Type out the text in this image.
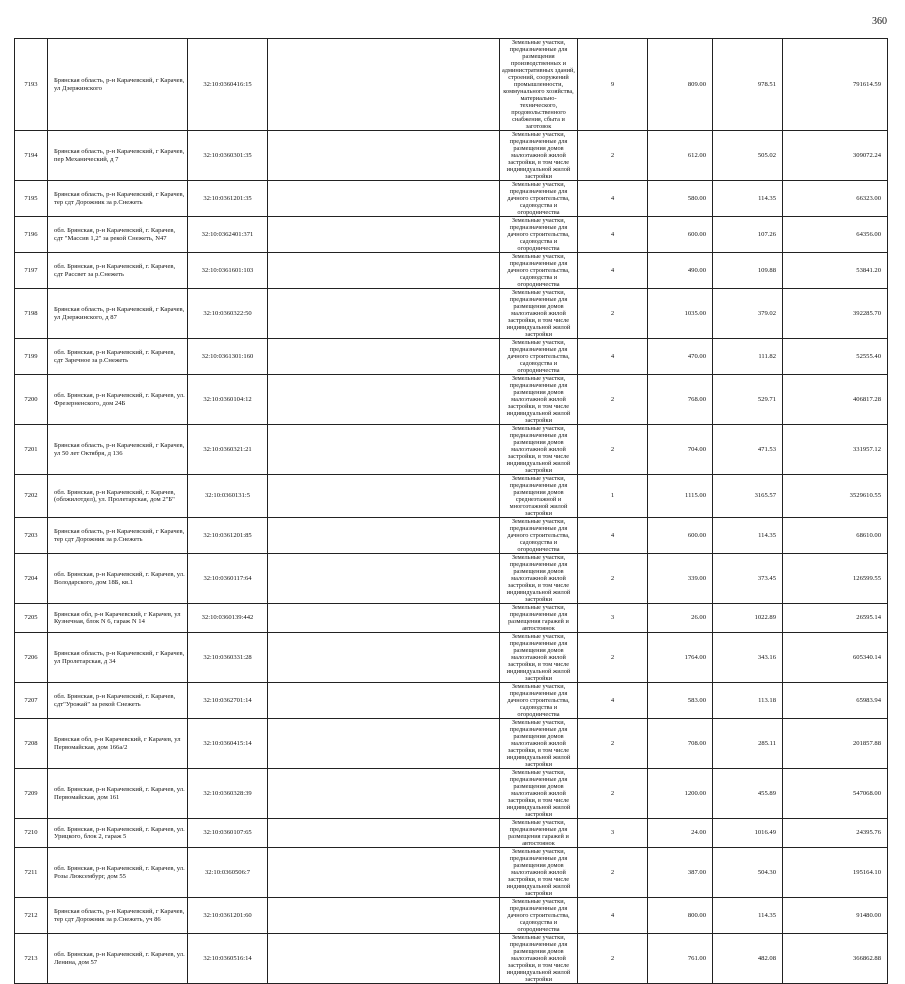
360
7193	Брянская область, р-н Карачевский, г Карачев, ул Дзержинского	32:10:0360416:15		Земельные участки, предназначенные для размещения производственных и административных зданий, строений, сооружений промышленности, коммунального хозяйства, материально-технического, продовольственного снабжения, сбыта и заготовок	9	809.00	978.51	791614.59
7194	Брянская область, р-н Карачевский, г Карачев, пер Механический, д 7	32:10:0360301:35		Земельные участки, предназначенные для размещения домов малоэтажной жилой застройки, в том числе индивидуальной жилой застройки	2	612.00	505.02	309072.24
7195	Брянская область, р-н Карачевский, г Карачев, тер сдт Дорожник за р.Снежеть	32:10:0361201:35		Земельные участки, предназначенные для дачного строительства, садоводства и огородничества	4	580.00	114.35	66323.00
7196	обл. Брянская, р-н Карачевский, г. Карачев, сдт "Массив 1,2" за рекой Снежеть, N47	32:10:0362401:371		Земельные участки, предназначенные для дачного строительства, садоводства и огородничества	4	600.00	107.26	64356.00
7197	обл. Брянская, р-н Карачевский, г. Карачев, сдт Рассвет за р.Снежеть	32:10:0361601:103		Земельные участки, предназначенные для дачного строительства, садоводства и огородничества	4	490.00	109.88	53841.20
7198	Брянская область, р-н Карачевский, г Карачев, ул Дзержинского, д 87	32:10:0360322:50		Земельные участки, предназначенные для размещения домов малоэтажной жилой застройки, в том числе индивидуальной жилой застройки	2	1035.00	379.02	392285.70
7199	обл. Брянская, р-н Карачевский, г. Карачев, сдт Заречное за р.Снежеть	32:10:0361301:160		Земельные участки, предназначенные для дачного строительства, садоводства и огородничества	4	470.00	111.82	52555.40
7200	обл. Брянская, р-н Карачевский, г. Карачев, ул. Фрезерненского, дом 24Б	32:10:0360104:12		Земельные участки, предназначенные для размещения домов малоэтажной жилой застройки, в том числе индивидуальной жилой застройки	2	768.00	529.71	406817.28
7201	Брянская область, р-н Карачевский, г Карачев, ул 50 лет Октября, д 136	32:10:0360321:21		Земельные участки, предназначенные для размещения домов малоэтажной жилой застройки, в том числе индивидуальной жилой застройки	2	704.00	471.53	331957.12
7202	обл. Брянская, р-н Карачевский, г. Карачев, (облжилотдел), ул. Пролетарская, дом 2"Б"	32:10:0360131:5		Земельные участки, предназначенные для размещения домов среднеэтажной и многоэтажной жилой застройки	1	1115.00	3165.57	3529610.55
7203	Брянская область, р-н Карачевский, г Карачев, тер сдт Дорожник за р.Снежеть	32:10:0361201:85		Земельные участки, предназначенные для дачного строительства, садоводства и огородничества	4	600.00	114.35	68610.00
7204	обл. Брянская, р-н Карачевский, г. Карачев, ул. Володарского, дом 18Б, кв.1	32:10:0360117:64		Земельные участки, предназначенные для размещения домов малоэтажной жилой застройки, в том числе индивидуальной жилой застройки	2	339.00	373.45	126599.55
7205	Брянская обл, р-н Карачевский, г Карачев, ул Кузнечная, блок N 6, гараж N 14	32:10:0360139:442		Земельные участки, предназначенные для размещения гаражей и автостоянок	3	26.00	1022.89	26595.14
7206	Брянская область, р-н Карачевский, г Карачев, ул Пролетарская, д 34	32:10:0360331:28		Земельные участки, предназначенные для размещения домов малоэтажной жилой застройки, в том числе индивидуальной жилой застройки	2	1764.00	343.16	605340.14
7207	обл. Брянская, р-н Карачевский, г. Карачев, сдт"Урожай" за рекой Снежеть	32:10:0362701:14		Земельные участки, предназначенные для дачного строительства, садоводства и огородничества	4	583.00	113.18	65983.94
7208	Брянская обл, р-н Карачевский, г Карачев, ул Первомайская, дом 166а/2	32:10:0360415:14		Земельные участки, предназначенные для размещения домов малоэтажной жилой застройки, в том числе индивидуальной жилой застройки	2	708.00	285.11	201857.88
7209	обл. Брянская, р-н Карачевский, г. Карачев, ул. Первомайская, дом 161	32:10:0360328:39		Земельные участки, предназначенные для размещения домов малоэтажной жилой застройки, в том числе индивидуальной жилой застройки	2	1200.00	455.89	547068.00
7210	обл. Брянская, р-н Карачевский, г. Карачев, ул. Урицкого, блок 2, гараж 5	32:10:0360107:65		Земельные участки, предназначенные для размещения гаражей и автостоянок	3	24.00	1016.49	24395.76
7211	обл. Брянская, р-н Карачевский, г. Карачев, ул. Розы Люксембург, дом 55	32:10:0360506:7		Земельные участки, предназначенные для размещения домов малоэтажной жилой застройки, в том числе индивидуальной жилой застройки	2	387.00	504.30	195164.10
7212	Брянская область, р-н Карачевский, г Карачев, тер сдт Дорожник за р.Снежеть, уч 86	32:10:0361201:60		Земельные участки, предназначенные для дачного строительства, садоводства и огородничества	4	800.00	114.35	91480.00
7213	обл. Брянская, р-н Карачевский, г. Карачев, ул. Ленина, дом 57	32:10:0360516:14		Земельные участки, предназначенные для размещения домов малоэтажной жилой застройки, в том числе индивидуальной жилой застройки	2	761.00	482.08	366862.88
